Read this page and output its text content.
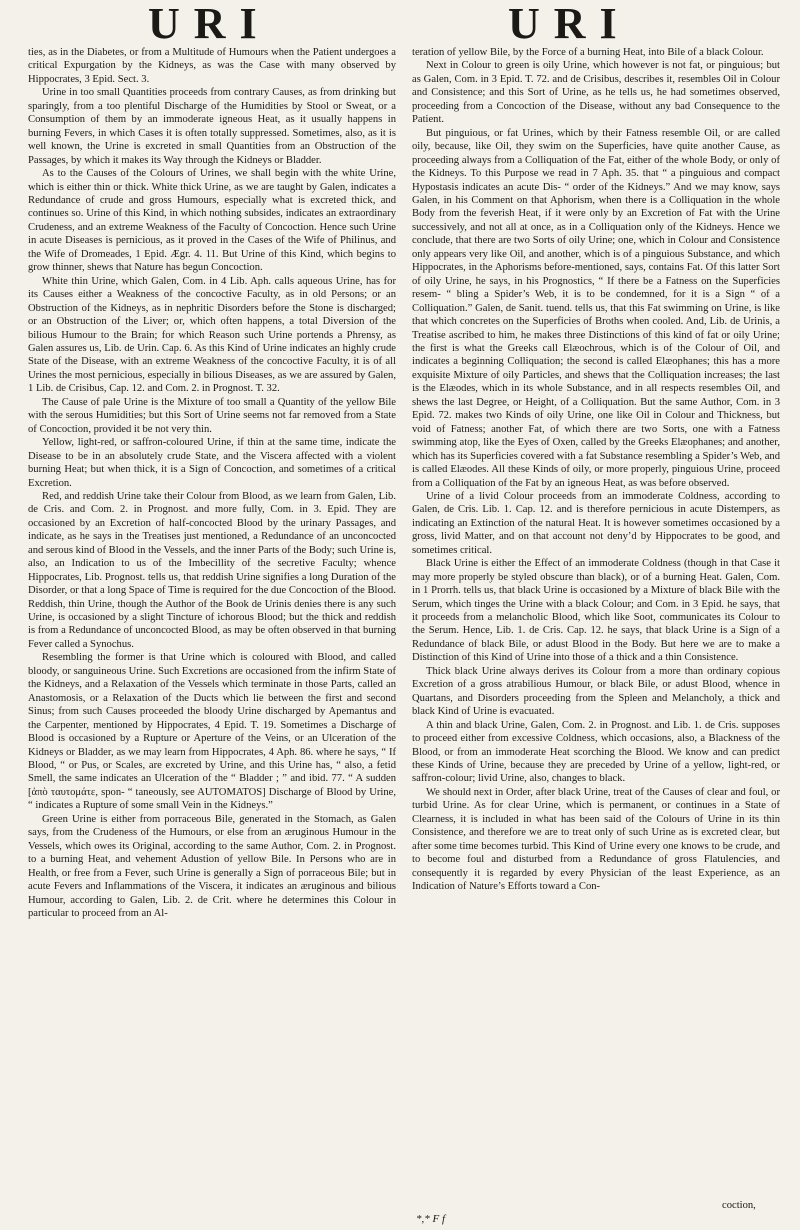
URI	URI

ties, as in the Diabetes, or from a Multitude of Humours when the Patient undergoes a critical Expurgation by the Kidneys, as was the Case with many observed by Hippocrates, 3 Epid. Sect. 3.

Urine in too small Quantities proceeds from contrary Causes, as from drinking but sparingly, from a too plentiful Discharge of the Humidities by Stool or Sweat, or a Consumption of them by an immoderate igneous Heat, as it usually happens in burning Fevers, in which Cases it is often totally suppressed. Sometimes, also, as it is well known, the Urine is excreted in small Quantities from an Obstruction of the Passages, by which it makes its Way through the Kidneys or Bladder.

As to the Causes of the Colours of Urines, we shall begin with the white Urine, which is either thin or thick. White thick Urine, as we are taught by Galen, indicates a Redundance of crude and gross Humours, especially what is excreted thick, and continues so. Urine of this Kind, in which nothing subsides, indicates an extraordinary Crudeness, and an extreme Weakness of the Faculty of Concoction. Hence such Urine in acute Diseases is pernicious, as it proved in the Cases of the Wife of Philinus, and the Wife of Dromeades, 1 Epid. Ægr. 4. 11. But Urine of this Kind, which begins to grow thinner, shews that Nature has begun Concoction.

White thin Urine, which Galen, Com. in 4 Lib. Aph. calls aqueous Urine, has for its Causes either a Weakness of the concoctive Faculty, as in old Persons; or an Obstruction of the Kidneys, as in nephritic Disorders before the Stone is discharged; or an Obstruction of the Liver; or, which often happens, a total Diversion of the bilious Humour to the Brain; for which Reason such Urine portends a Phrensy, as Galen assures us, Lib. de Urin. Cap. 6. As this Kind of Urine indicates an highly crude State of the Disease, with an extreme Weakness of the concoctive Faculty, it is of all Urines the most pernicious, especially in bilious Diseases, as we are assured by Galen, 1 Lib. de Crisibus, Cap. 12. and Com. 2. in Prognost. T. 32.

The Cause of pale Urine is the Mixture of too small a Quantity of the yellow Bile with the serous Humidities; but this Sort of Urine seems not far removed from a State of Concoction, provided it be not very thin.

Yellow, light-red, or saffron-coloured Urine, if thin at the same time, indicate the Disease to be in an absolutely crude State, and the Viscera affected with a violent burning Heat; but when thick, it is a Sign of Concoction, and sometimes of a critical Excretion.

Red, and reddish Urine take their Colour from Blood, as we learn from Galen, Lib. de Cris. and Com. 2. in Prognost. and more fully, Com. in 3. Epid. They are occasioned by an Excretion of half-concocted Blood by the urinary Passages, and indicate, as he says in the Treatises just mentioned, a Redundance of an unconcocted and serous kind of Blood in the Vessels, and the inner Parts of the Body; such Urine is, also, an Indication to us of the Imbecillity of the secretive Faculty; whence Hippocrates, Lib. Prognost. tells us, that reddish Urine signifies a long Duration of the Disorder, or that a long Space of Time is required for the due Concoction of the Blood. Reddish, thin Urine, though the Author of the Book de Urinis denies there is any such Urine, is occasioned by a slight Tincture of ichorous Blood; but the thick and reddish is from a Redundance of unconcocted Blood, as may be often observed in that burning Fever called a Synochus.

Resembling the former is that Urine which is coloured with Blood, and called bloody, or sanguineous Urine. Such Excretions are occasioned from the infirm State of the Kidneys, and a Relaxation of the Vessels which terminate in those Parts, called an Anastomosis, or a Relaxation of the Ducts which lie between the first and second Sinus; from such Causes proceeded the bloody Urine discharged by Apemantus and the Carpenter, mentioned by Hippocrates, 4 Epid. T. 19. Sometimes a Discharge of Blood is occasioned by a Rupture or Aperture of the Veins, or an Ulceration of the Kidneys or Bladder, as we may learn from Hippocrates, 4 Aph. 86. where he says, “ If Blood, “ or Pus, or Scales, are excreted by Urine, and this Urine has, “ also, a fetid Smell, the same indicates an Ulceration of the “ Bladder ; ” and ibid. 77. “ A sudden [ἀπὸ ταυτομάτε, spon- “ taneously, see AUTOMATOS] Discharge of Blood by Urine, “ indicates a Rupture of some small Vein in the Kidneys.”

Green Urine is either from porraceous Bile, generated in the Stomach, as Galen says, from the Crudeness of the Humours, or else from an æruginous Humour in the Vessels, which owes its Original, according to the same Author, Com. 2. in Prognost. to a burning Heat, and vehement Adustion of yellow Bile. In Persons who are in Health, or free from a Fever, such Urine is generally a Sign of porraceous Bile; but in acute Fevers and Inflammations of the Viscera, it indicates an æruginous and bilious Humour, according to Galen, Lib. 2. de Crit. where he determines this Colour in particular to proceed from an Al-

teration of yellow Bile, by the Force of a burning Heat, into Bile of a black Colour.

Next in Colour to green is oily Urine, which however is not fat, or pinguious; but as Galen, Com. in 3 Epid. T. 72. and de Crisibus, describes it, resembles Oil in Colour and Consistence; and this Sort of Urine, as he tells us, he had sometimes observed, proceeding from a Concoction of the Disease, without any bad Consequence to the Patient.

But pinguious, or fat Urines, which by their Fatness resemble Oil, or are called oily, because, like Oil, they swim on the Superficies, have quite another Cause, as proceeding always from a Colliquation of the Fat, either of the whole Body, or only of the Kidneys. To this Purpose we read in 7 Aph. 35. that “ a pinguious and compact Hypostasis indicates an acute Dis- “ order of the Kidneys.” And we may know, says Galen, in his Comment on that Aphorism, when there is a Colliquation in the whole Body from the feverish Heat, if it were only by an Excretion of Fat with the Urine successively, and not all at once, as in a Colliquation only of the Kidneys. Hence we conclude, that there are two Sorts of oily Urine; one, which in Colour and Consistence only appears very like Oil, and another, which is of a pinguious Substance, and which Hippocrates, in the Aphorisms before-mentioned, says, contains Fat. Of this latter Sort of oily Urine, he says, in his Prognostics, “ If there be a Fatness on the Superficies resem- “ bling a Spider’s Web, it is to be condemned, for it is a Sign “ of a Colliquation.” Galen, de Sanit. tuend. tells us, that this Fat swimming on Urine, is like that which concretes on the Superficies of Broths when cooled. And, Lib. de Urinis, a Treatise ascribed to him, he makes three Distinctions of this kind of fat or oily Urine; the first is what the Greeks call Elæochrous, which is of the Colour of Oil, and indicates a beginning Colliquation; the second is called Elæophanes; this has a more exquisite Mixture of oily Particles, and shews that the Colliquation increases; the last is the Elæodes, which in its whole Substance, and in all respects resembles Oil, and shews the last Degree, or Height, of a Colliquation. But the same Author, Com. in 3 Epid. 72. makes two Kinds of oily Urine, one like Oil in Colour and Thickness, but void of Fatness; another Fat, of which there are two Sorts, one with a Fatness swimming atop, like the Eyes of Oxen, called by the Greeks Elæophanes; and another, which has its Superficies covered with a fat Substance resembling a Spider’s Web, and is called Elæodes. All these Kinds of oily, or more properly, pinguious Urine, proceed from a Colliquation of the Fat by an igneous Heat, as was before observed.

Urine of a livid Colour proceeds from an immoderate Coldness, according to Galen, de Cris. Lib. 1. Cap. 12. and is therefore pernicious in acute Distempers, as indicating an Extinction of the natural Heat. It is however sometimes occasioned by a gross, livid Matter, and on that account not deny’d by Hippocrates to be good, and sometimes critical.

Black Urine is either the Effect of an immoderate Coldness (though in that Case it may more properly be styled obscure than black), or of a burning Heat. Galen, Com. in 1 Prorrh. tells us, that black Urine is occasioned by a Mixture of black Bile with the Serum, which tinges the Urine with a black Colour; and Com. in 3 Epid. he says, that it proceeds from a melancholic Blood, which like Soot, communicates its Colour to the Serum. Hence, Lib. 1. de Cris. Cap. 12. he says, that black Urine is a Sign of a Redundance of black Bile, or adust Blood in the Body. But here we are to make a Distinction of this Kind of Urine into those of a thick and a thin Consistence.

Thick black Urine always derives its Colour from a more than ordinary copious Excretion of a gross atrabilious Humour, or black Bile, or adust Blood, whence in Quartans, and Disorders proceeding from the Spleen and Melancholy, a thick and black Kind of Urine is evacuated.

A thin and black Urine, Galen, Com. 2. in Prognost. and Lib. 1. de Cris. supposes to proceed either from excessive Coldness, which occasions, also, a Blackness of the Blood, or from an immoderate Heat scorching the Blood. We know and can predict these Kinds of Urine, because they are preceded by Urine of a yellow, light-red, or saffron-colour; livid Urine, also, changes to black.

We should next in Order, after black Urine, treat of the Causes of clear and foul, or turbid Urine. As for clear Urine, which is permanent, or continues in a State of Clearness, it is included in what has been said of the Colours of Urine in its thin Consistence, and therefore we are to treat only of such Urine as is excreted clear, but after some time becomes turbid. This Kind of Urine every one knows to be crude, and to become foul and disturbed from a Redundance of gross Flatulencies, and consequently it is regarded by every Physician of the least Experience, as an Indication of Nature’s Efforts toward a Con-

coction,
*,* F f
